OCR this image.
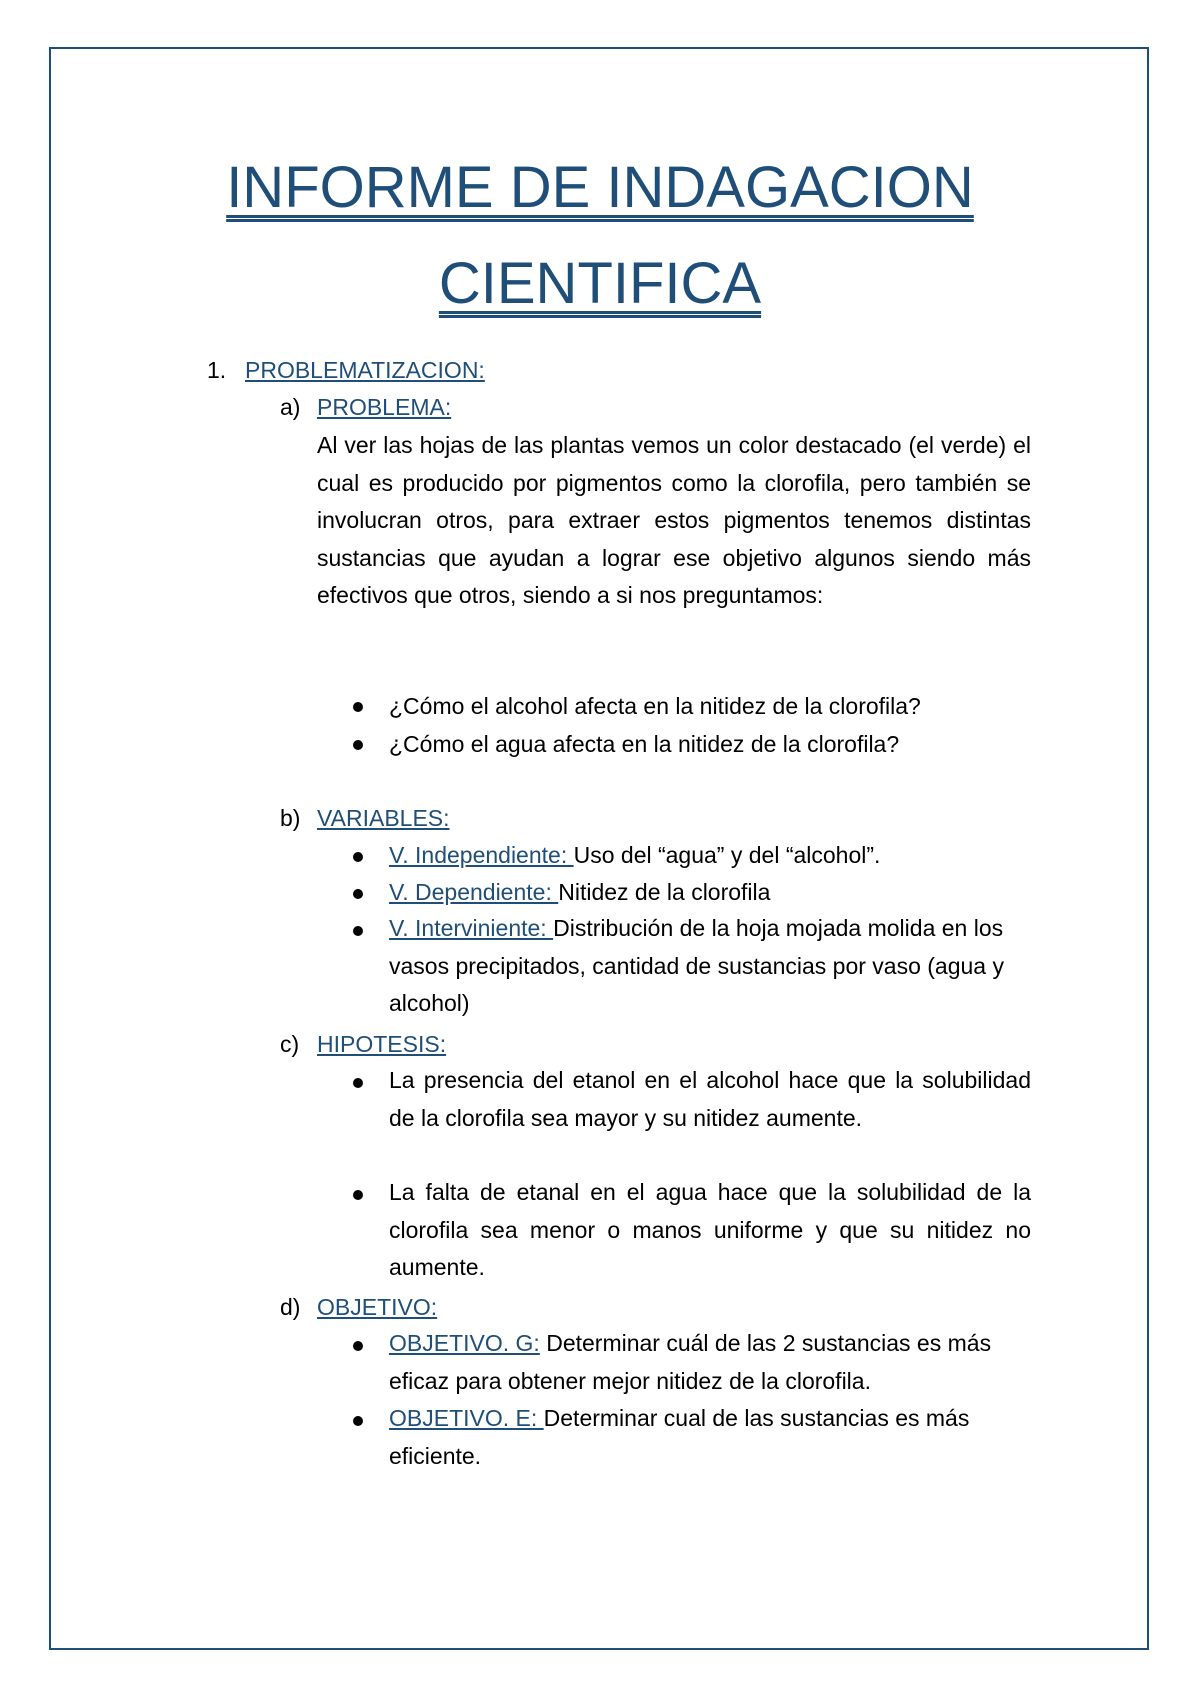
INFORME DE INDAGACION
CIENTIFICA
1. PROBLEMATIZACION:
a) PROBLEMA:
Al ver las hojas de las plantas vemos un color destacado (el verde) el cual es producido por pigmentos como la clorofila, pero también se involucran otros, para extraer estos pigmentos tenemos distintas sustancias que ayudan a lograr ese objetivo algunos siendo más efectivos que otros, siendo a si nos preguntamos:
¿Cómo el alcohol afecta en la nitidez de la clorofila?
¿Cómo el agua afecta en la nitidez de la clorofila?
b) VARIABLES:
V. Independiente: Uso del “agua” y del “alcohol”.
V. Dependiente: Nitidez de la clorofila
V. Interviniente: Distribución de la hoja mojada molida en los vasos precipitados, cantidad de sustancias por vaso (agua y alcohol)
c) HIPOTESIS:
La presencia del etanol en el alcohol hace que la solubilidad de la clorofila sea mayor y su nitidez aumente.
La falta de etanal en el agua hace que la solubilidad de la clorofila sea menor o manos uniforme y que su nitidez no aumente.
d) OBJETIVO:
OBJETIVO. G: Determinar cuál de las 2 sustancias es más eficaz para obtener mejor nitidez de la clorofila.
OBJETIVO. E: Determinar cual de las sustancias es más eficiente.
